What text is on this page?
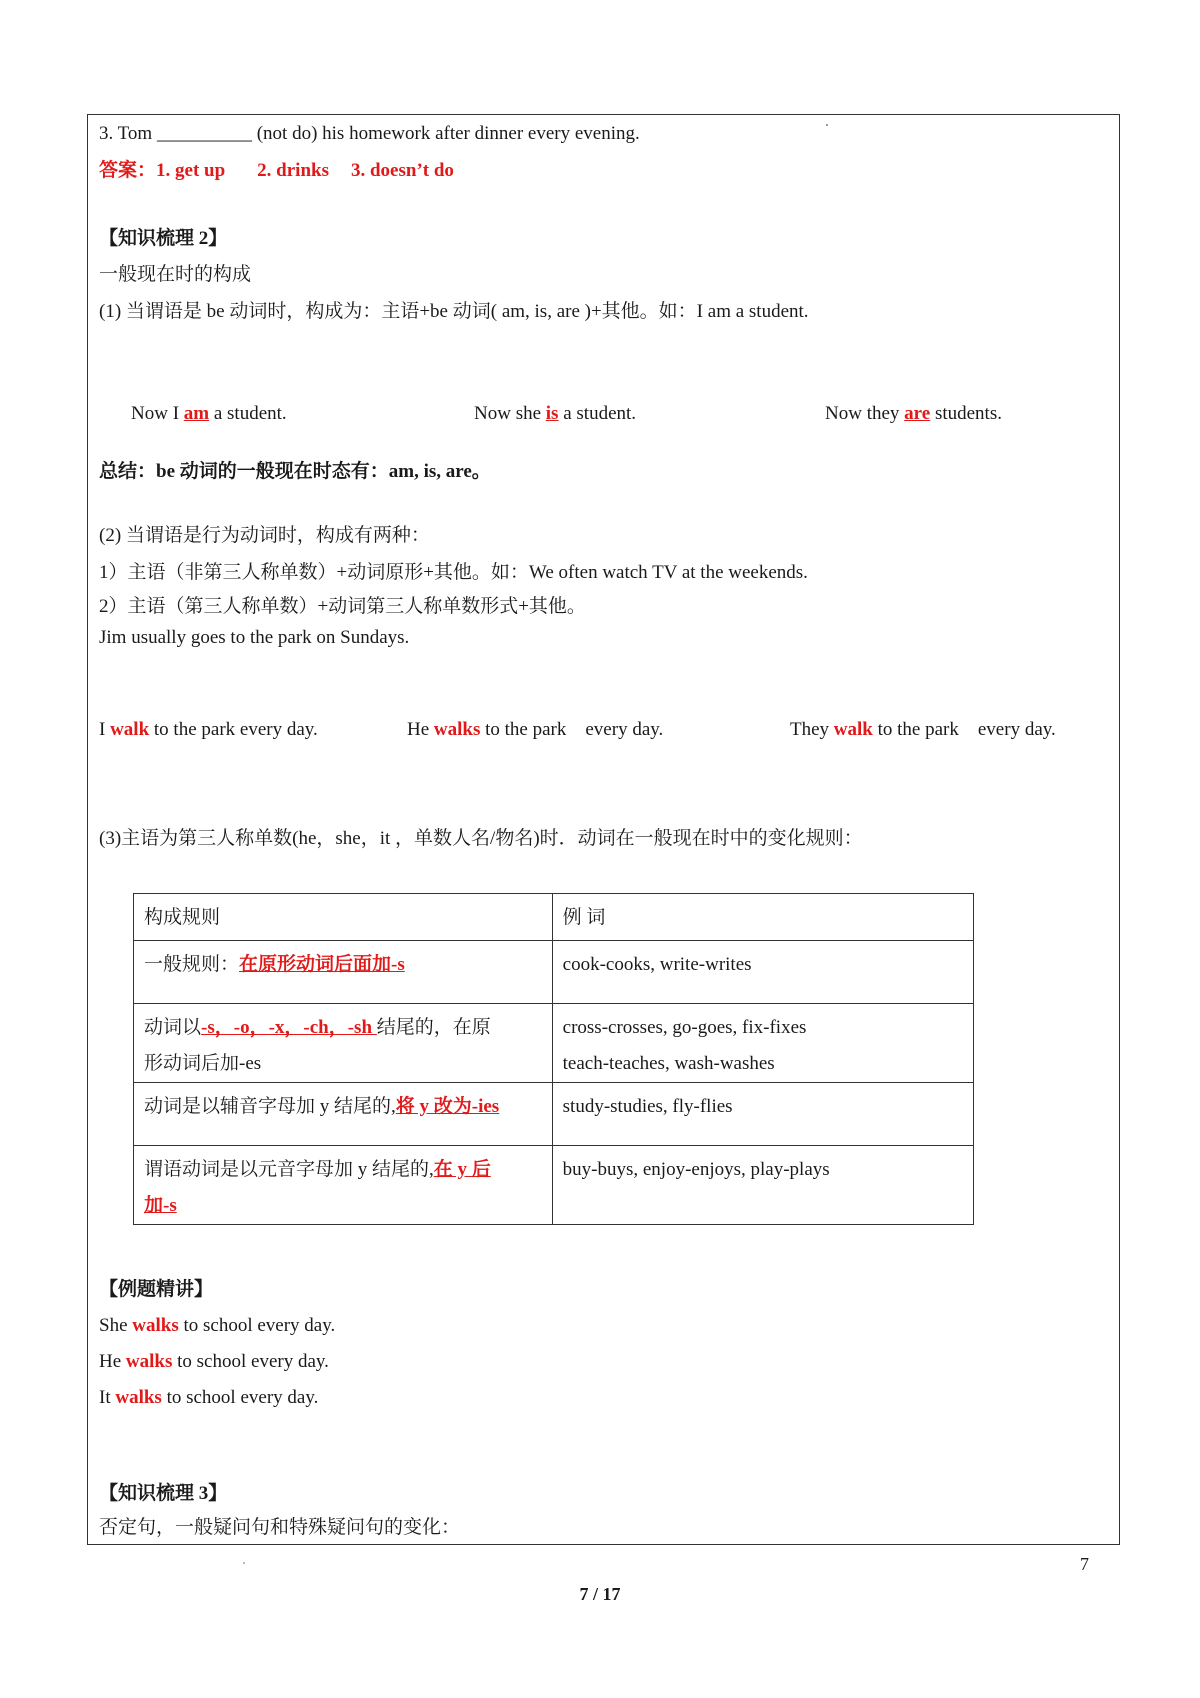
3. Tom __________ (not do) his homework after dinner every evening.
答案：1. get up 2. drinks 3. doesn’t do
【知识梳理 2】
一般现在时的构成
(1) 当谓语是 be 动词时，构成为：主语+be 动词( am, is, are )+其他。如：I am a student.
Now I am a student.	Now she is a student.	Now they are students.
总结：be 动词的一般现在时态有：am, is, are。
(2) 当谓语是行为动词时，构成有两种：
1）主语（非第三人称单数）+动词原形+其他。如：We often watch TV at the weekends.
2）主语（第三人称单数）+动词第三人称单数形式+其他。
Jim usually goes to the park on Sundays.
I walk to the park every day.	He walks to the park    every day.	They walk to the park    every day.
(3)主语为第三人称单数(he，she，it ，单数人名/物名)时．动词在一般现在时中的变化规则：
构成规则	例 词
一般规则：在原形动词后面加-s	cook-cooks, write-writes
动词以-s，-o，-x，-ch，-sh 结尾的，在原
形动词后加-es	cross-crosses, go-goes, fix-fixes
teach-teaches, wash-washes
动词是以辅音字母加 y 结尾的,将 y 改为-ies	study-studies, fly-flies
谓语动词是以元音字母加 y 结尾的,在 y 后
加-s	buy-buys, enjoy-enjoys, play-plays
【例题精讲】
She walks to school every day.
He walks to school every day.
It walks to school every day.
【知识梳理 3】
否定句，一般疑问句和特殊疑问句的变化：
7
7 / 17
